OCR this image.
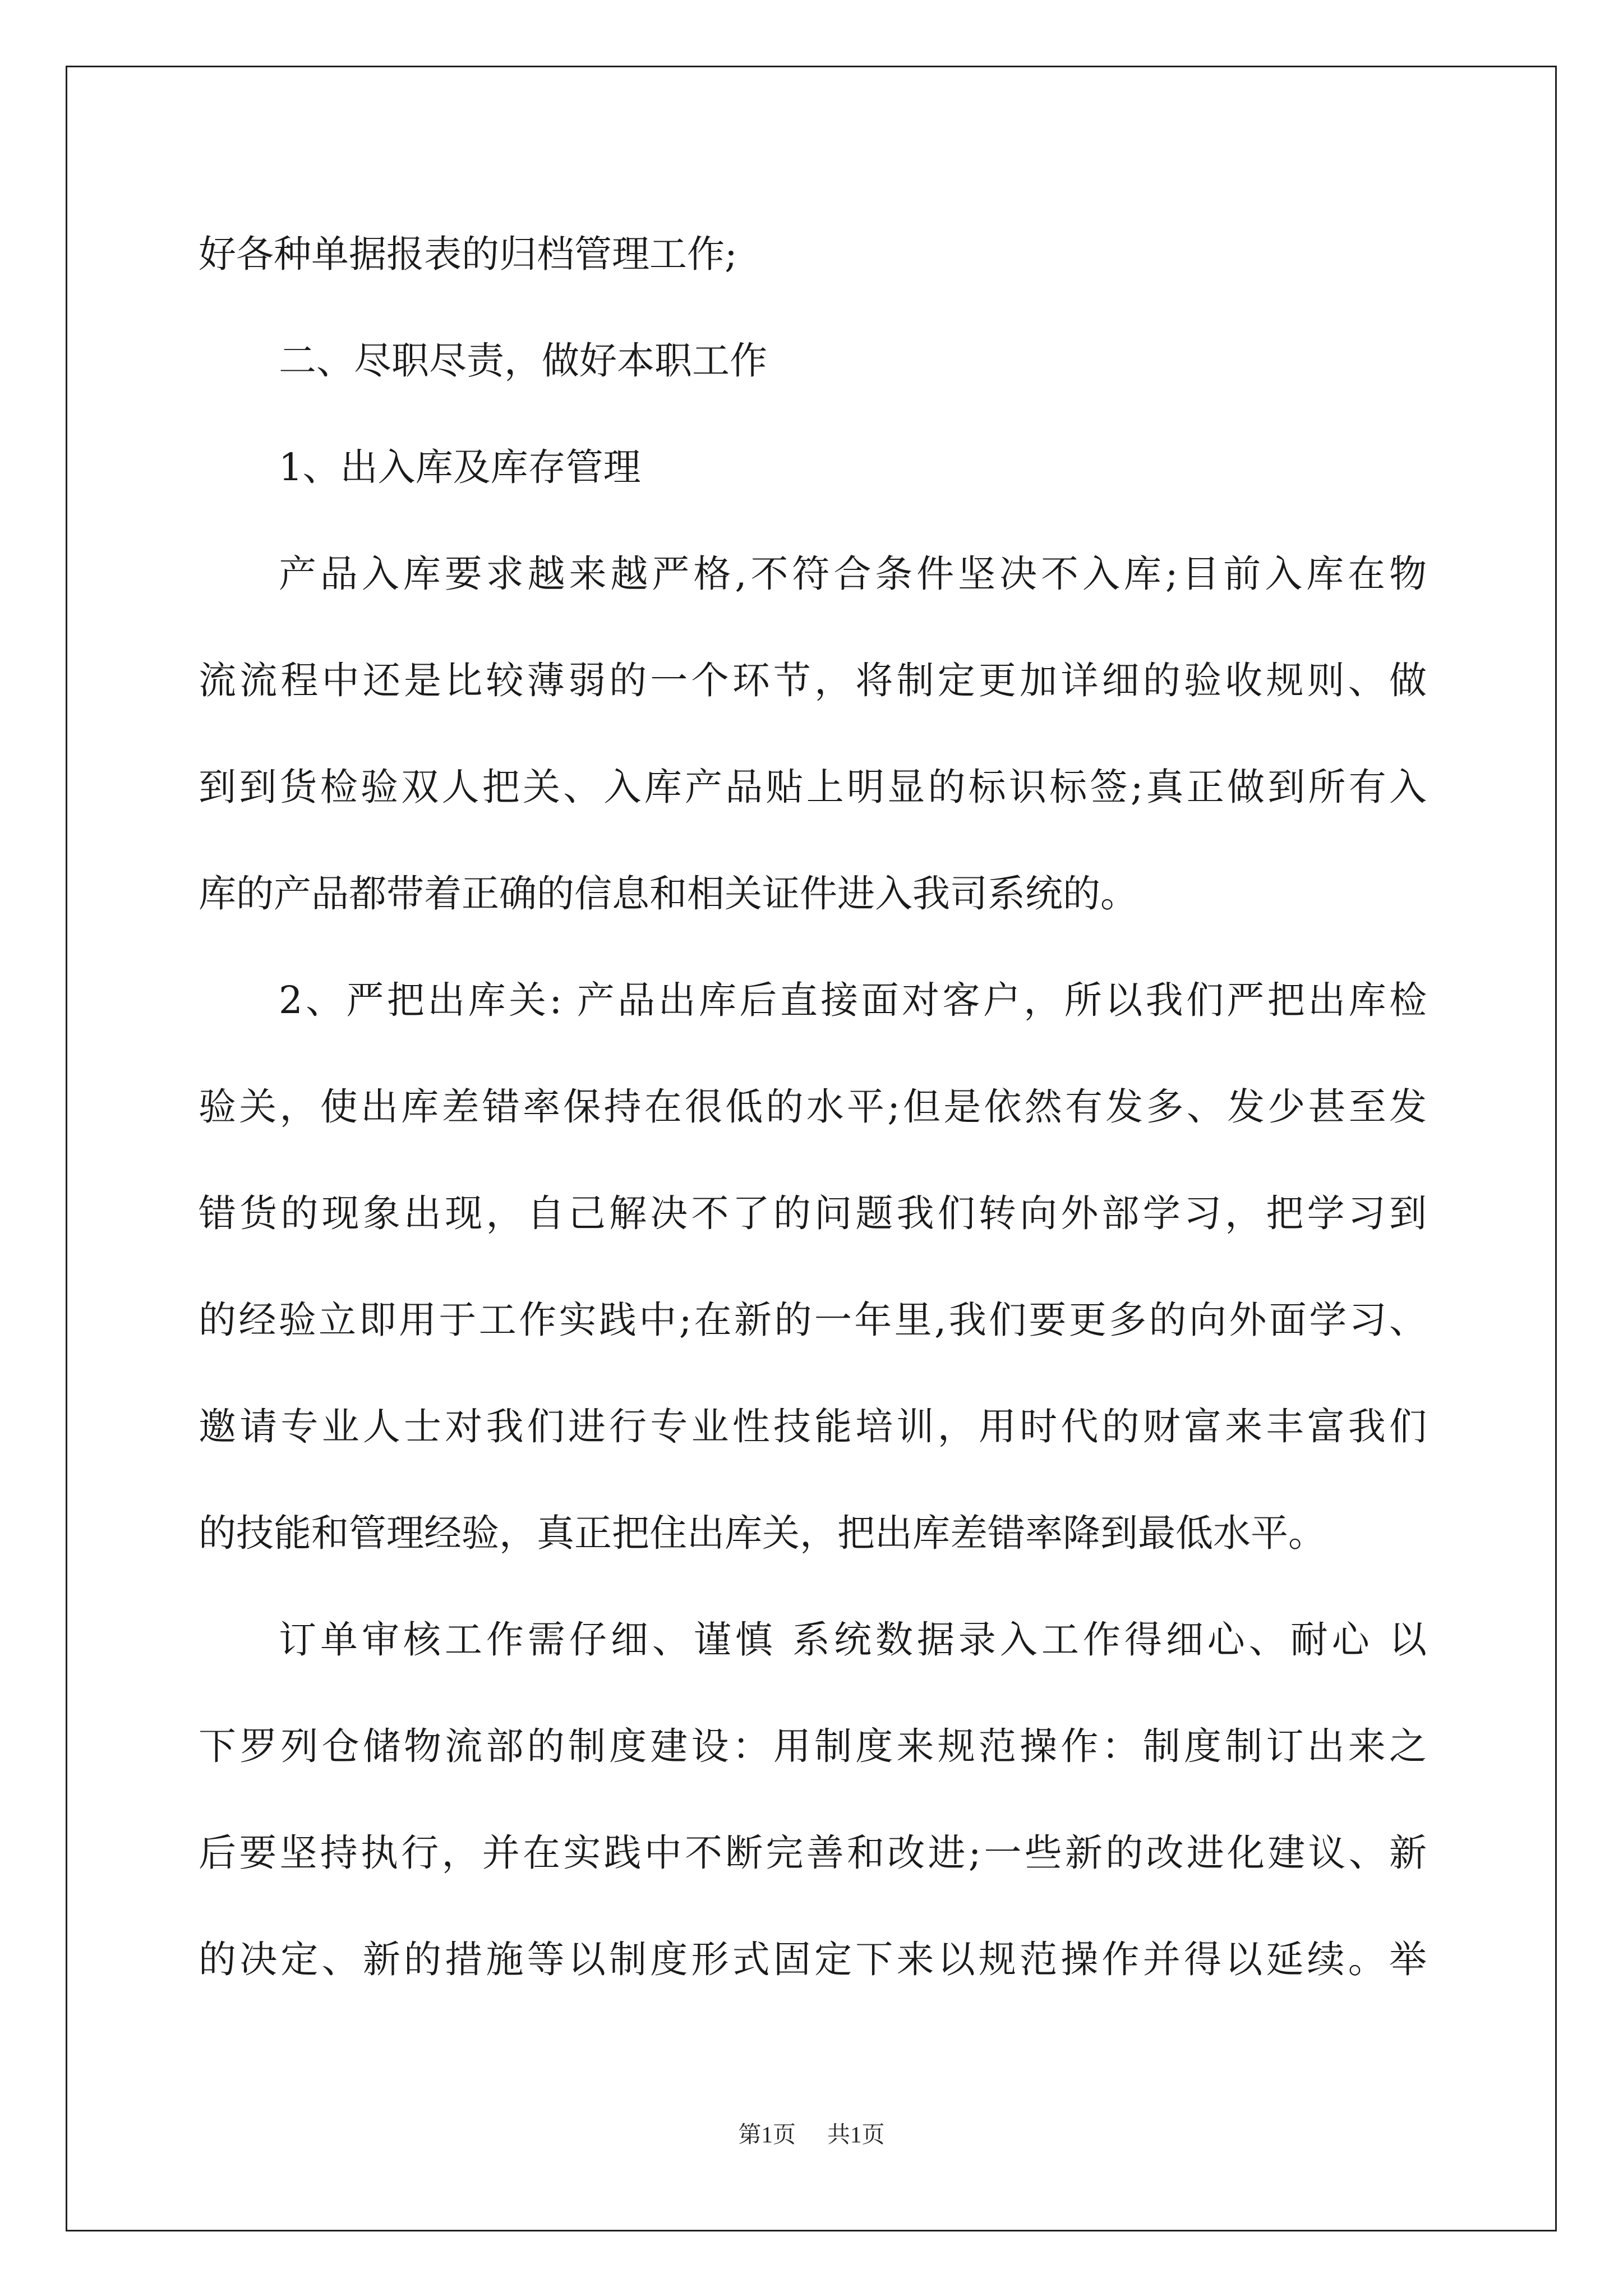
好各种单据报表的归档管理工作;

二、尽职尽责，做好本职工作

1、出入库及库存管理

产品入库要求越来越严格,不符合条件坚决不入库;目前入库在物

流流程中还是比较薄弱的一个环节，将制定更加详细的验收规则、做

到到货检验双人把关、入库产品贴上明显的标识标签;真正做到所有入

库的产品都带着正确的信息和相关证件进入我司系统的。

2、严把出库关: 产品出库后直接面对客户，所以我们严把出库检

验关，使出库差错率保持在很低的水平;但是依然有发多、发少甚至发

错货的现象出现，自己解决不了的问题我们转向外部学习，把学习到

的经验立即用于工作实践中;在新的一年里,我们要更多的向外面学习、

邀请专业人士对我们进行专业性技能培训，用时代的财富来丰富我们

的技能和管理经验，真正把住出库关，把出库差错率降到最低水平。

订单审核工作需仔细、谨慎 系统数据录入工作得细心、耐心 以

下罗列仓储物流部的制度建设：用制度来规范操作：制度制订出来之

后要坚持执行，并在实践中不断完善和改进;一些新的改进化建议、新

的决定、新的措施等以制度形式固定下来以规范操作并得以延续。举

第1页 共1页
